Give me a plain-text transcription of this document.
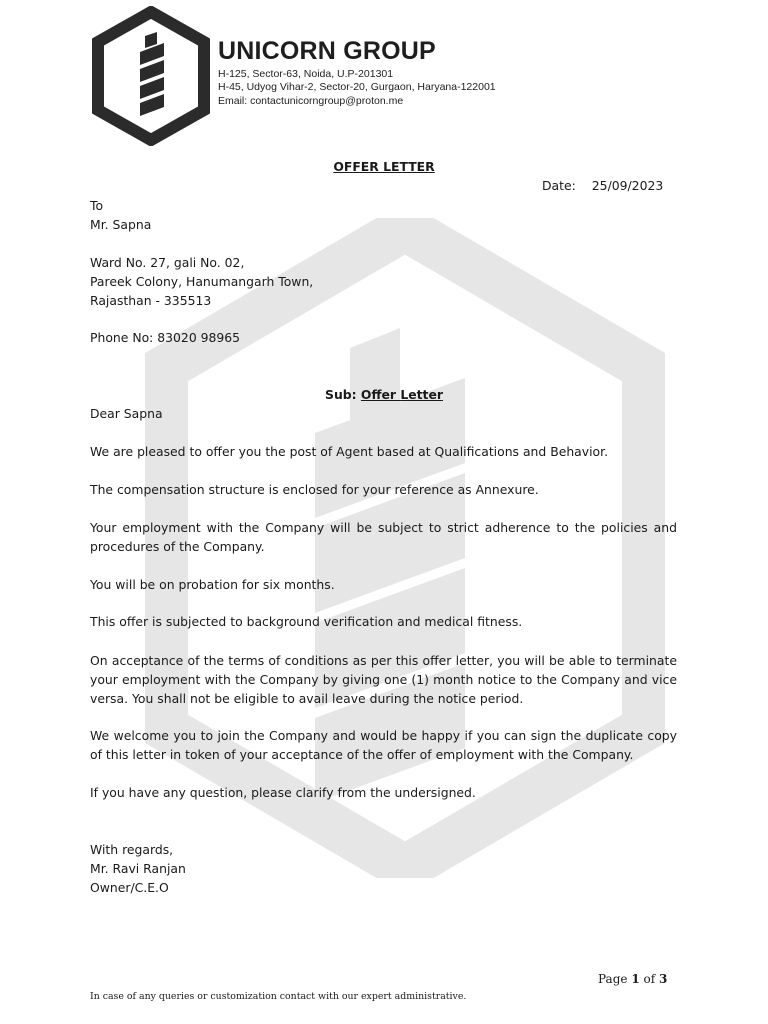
UNICORN GROUP
H-125, Sector-63, Noida, U.P-201301
H-45, Udyog Vihar-2, Sector-20, Gurgaon, Haryana-122001
Email: contactunicorngroup@proton.me
OFFER LETTER
Date: 25/09/2023
To
Mr. Sapna
Ward No. 27, gali No. 02,
Pareek Colony, Hanumangarh Town,
Rajasthan - 335513
Phone No: 83020 98965
Sub: Offer Letter
Dear Sapna
We are pleased to offer you the post of Agent based at Qualifications and Behavior.
The compensation structure is enclosed for your reference as Annexure.
Your employment with the Company will be subject to strict adherence to the policies and procedures of the Company.
You will be on probation for six months.
This offer is subjected to background verification and medical fitness.
On acceptance of the terms of conditions as per this offer letter, you will be able to terminate your employment with the Company by giving one (1) month notice to the Company and vice versa. You shall not be eligible to avail leave during the notice period.
We welcome you to join the Company and would be happy if you can sign the duplicate copy of this letter in token of your acceptance of the offer of employment with the Company.
If you have any question, please clarify from the undersigned.
With regards,
Mr. Ravi Ranjan
Owner/C.E.O
Page 1 of 3
In case of any queries or customization contact with our expert administrative.
